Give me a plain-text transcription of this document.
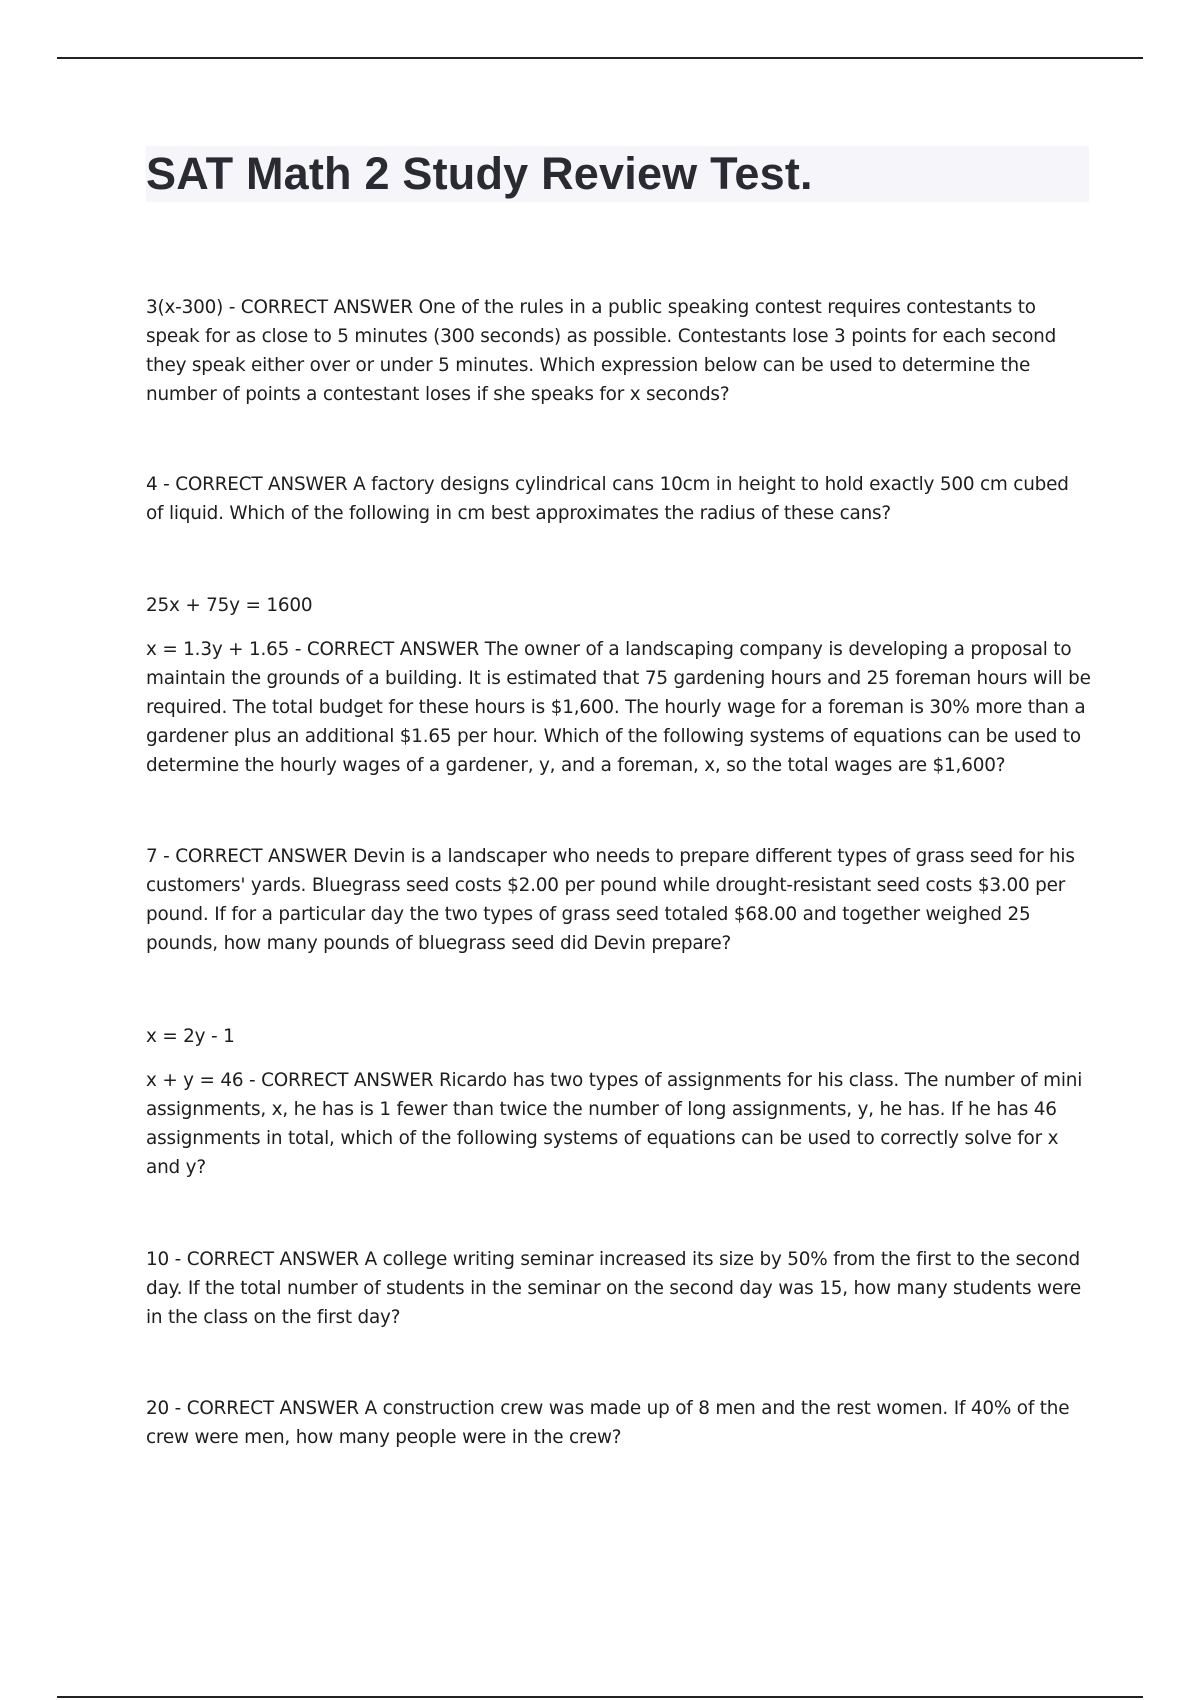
SAT Math 2 Study Review Test.

3(x-300) - CORRECT ANSWER One of the rules in a public speaking contest requires contestants to speak for as close to 5 minutes (300 seconds) as possible. Contestants lose 3 points for each second they speak either over or under 5 minutes. Which expression below can be used to determine the number of points a contestant loses if she speaks for x seconds?

4 - CORRECT ANSWER A factory designs cylindrical cans 10cm in height to hold exactly 500 cm cubed of liquid. Which of the following in cm best approximates the radius of these cans?

25x + 75y = 1600

x = 1.3y + 1.65 - CORRECT ANSWER The owner of a landscaping company is developing a proposal to maintain the grounds of a building. It is estimated that 75 gardening hours and 25 foreman hours will be required. The total budget for these hours is $1,600. The hourly wage for a foreman is 30% more than a gardener plus an additional $1.65 per hour. Which of the following systems of equations can be used to determine the hourly wages of a gardener, y, and a foreman, x, so the total wages are $1,600?

7 - CORRECT ANSWER Devin is a landscaper who needs to prepare different types of grass seed for his customers' yards. Bluegrass seed costs $2.00 per pound while drought-resistant seed costs $3.00 per pound. If for a particular day the two types of grass seed totaled $68.00 and together weighed 25 pounds, how many pounds of bluegrass seed did Devin prepare?

x = 2y - 1

x + y = 46 - CORRECT ANSWER Ricardo has two types of assignments for his class. The number of mini assignments, x, he has is 1 fewer than twice the number of long assignments, y, he has. If he has 46 assignments in total, which of the following systems of equations can be used to correctly solve for x and y?

10 - CORRECT ANSWER A college writing seminar increased its size by 50% from the first to the second day. If the total number of students in the seminar on the second day was 15, how many students were in the class on the first day?

20 - CORRECT ANSWER A construction crew was made up of 8 men and the rest women. If 40% of the crew were men, how many people were in the crew?
